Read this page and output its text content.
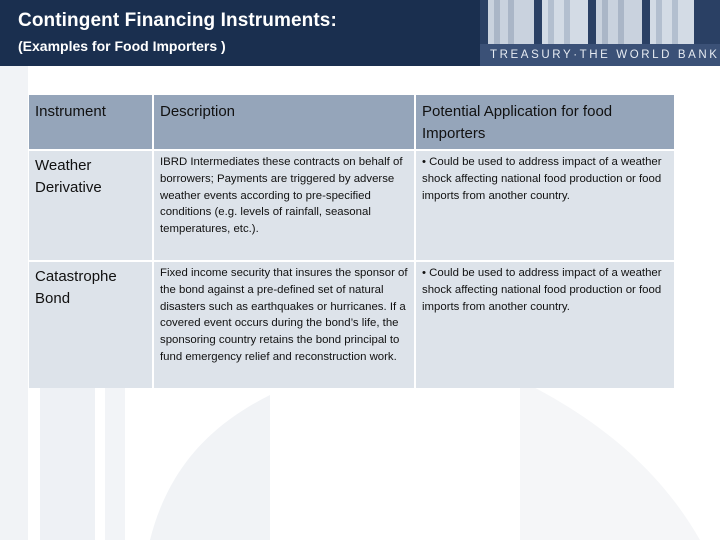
Contingent Financing Instruments:
(Examples for Food Importers )
TREASURY·THE WORLD BANK
Instrument	Description	Potential Application for food Importers
Weather Derivative	IBRD Intermediates these contracts on behalf of borrowers; Payments are triggered by adverse weather events according to pre-specified conditions (e.g. levels of rainfall, seasonal temperatures, etc.).	• Could be used to address impact of a weather shock affecting national food production or food imports from another country.
Catastrophe Bond	Fixed income security that insures the sponsor of the bond against a pre-defined set of natural disasters such as earthquakes or hurricanes. If a covered event occurs during the bond’s life, the sponsoring country retains the bond principal to fund emergency relief and reconstruction work.	• Could be used to address impact of a weather shock affecting national food production or food imports from another country.
